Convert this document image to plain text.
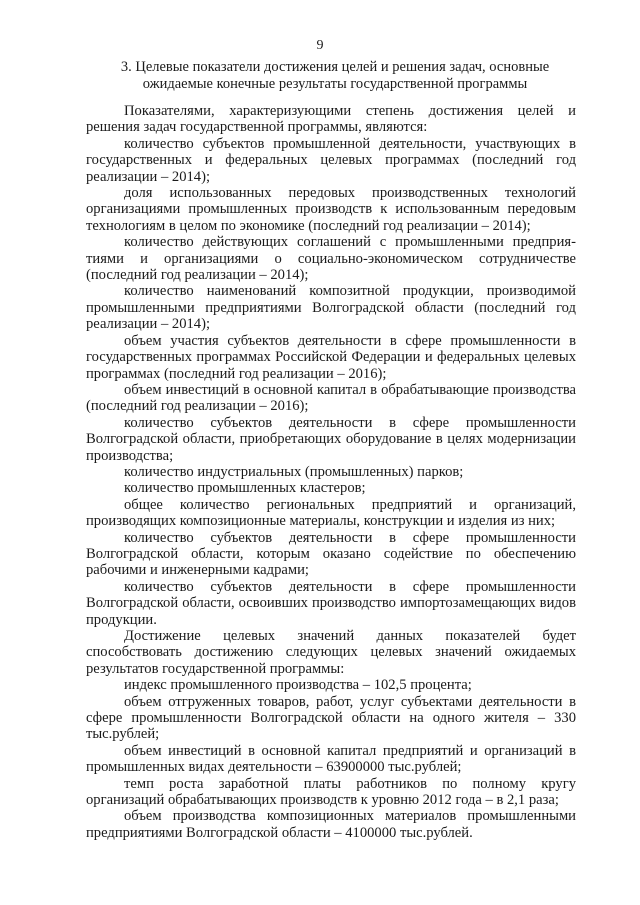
9
3. Целевые показатели достижения целей и решения задач, основные
ожидаемые конечные результаты государственной программы

Показателями, характеризующими степень достижения целей и решения задач государственной программы, являются:

количество субъектов промышленной деятельности, участвующих в государственных и федеральных целевых программах (последний год реализации – 2014);

доля использованных передовых производственных технологий организациями промышленных производств к использованным передовым технологиям в целом по экономике (последний год реализации – 2014);

количество действующих соглашений с промышленными предприятиями и организациями о социально-экономическом сотрудничестве (последний год реализации – 2014);

количество наименований композитной продукции, производимой промышленными предприятиями Волгоградской области (последний год реализации – 2014);

объем участия субъектов деятельности в сфере промышленности в государственных программах Российской Федерации и федеральных целевых программах (последний год реализации – 2016);

объем инвестиций в основной капитал в обрабатывающие производства (последний год реализации – 2016);

количество субъектов деятельности в сфере промышленности Волгоградской области, приобретающих оборудование в целях модернизации производства;

количество индустриальных (промышленных) парков;

количество промышленных кластеров;

общее количество региональных предприятий и организаций, производящих композиционные материалы, конструкции и изделия из них;

количество субъектов деятельности в сфере промышленности Волгоградской области, которым оказано содействие по обеспечению рабочими и инженерными кадрами;

количество субъектов деятельности в сфере промышленности Волгоградской области, освоивших производство импортозамещающих видов продукции.

Достижение целевых значений данных показателей будет способствовать достижению следующих целевых значений ожидаемых результатов государственной программы:

индекс промышленного производства – 102,5 процента;

объем отгруженных товаров, работ, услуг субъектами деятельности в сфере промышленности Волгоградской области на одного жителя – 330 тыс.рублей;

объем инвестиций в основной капитал предприятий и организаций в промышленных видах деятельности – 63900000 тыс.рублей;

темп роста заработной платы работников по полному кругу организаций обрабатывающих производств к уровню 2012 года – в 2,1 раза;

объем производства композиционных материалов промышленными предприятиями Волгоградской области – 4100000 тыс.рублей.
